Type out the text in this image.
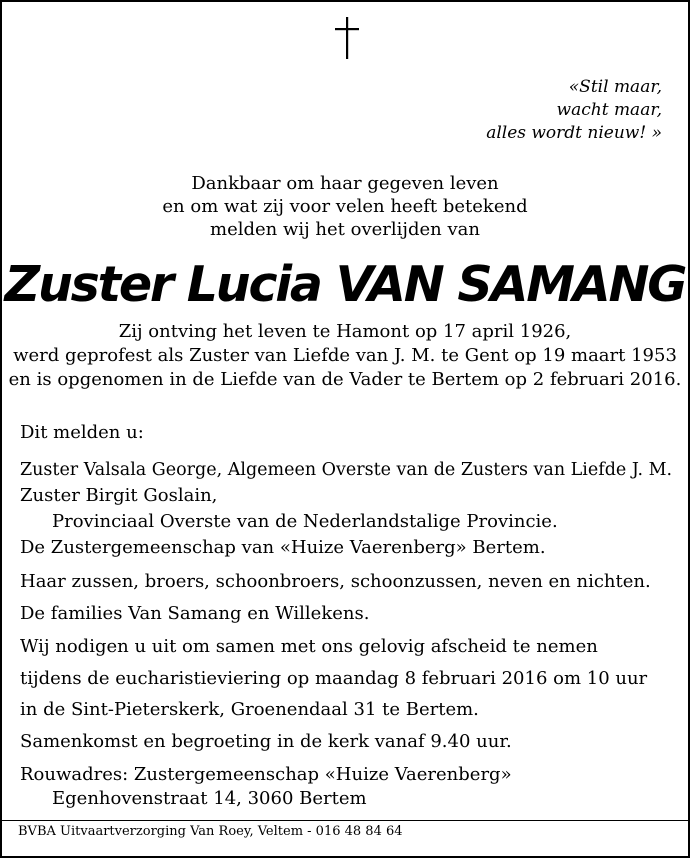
«Stil maar,
wacht maar,
alles wordt nieuw! »
Dankbaar om haar gegeven leven
en om wat zij voor velen heeft betekend
melden wij het overlijden van
Zuster Lucia VAN SAMANG
Zij ontving het leven te Hamont op 17 april 1926,
werd geprofest als Zuster van Liefde van J. M. te Gent op 19 maart 1953
en is opgenomen in de Liefde van de Vader te Bertem op 2 februari 2016.
Dit melden u:
Zuster Valsala George, Algemeen Overste van de Zusters van Liefde J. M.
Zuster Birgit Goslain,
Provinciaal Overste van de Nederlandstalige Provincie.
De Zustergemeenschap van «Huize Vaerenberg» Bertem.
Haar zussen, broers, schoonbroers, schoonzussen, neven en nichten.
De families Van Samang en Willekens.
Wij nodigen u uit om samen met ons gelovig afscheid te nemen
tijdens de eucharistieviering op maandag 8 februari 2016 om 10 uur
in de Sint-Pieterskerk, Groenendaal 31 te Bertem.
Samenkomst en begroeting in de kerk vanaf 9.40 uur.
Rouwadres: Zustergemeenschap «Huize Vaerenberg»
Egenhovenstraat 14, 3060 Bertem
BVBA Uitvaartverzorging Van Roey, Veltem - 016 48 84 64
